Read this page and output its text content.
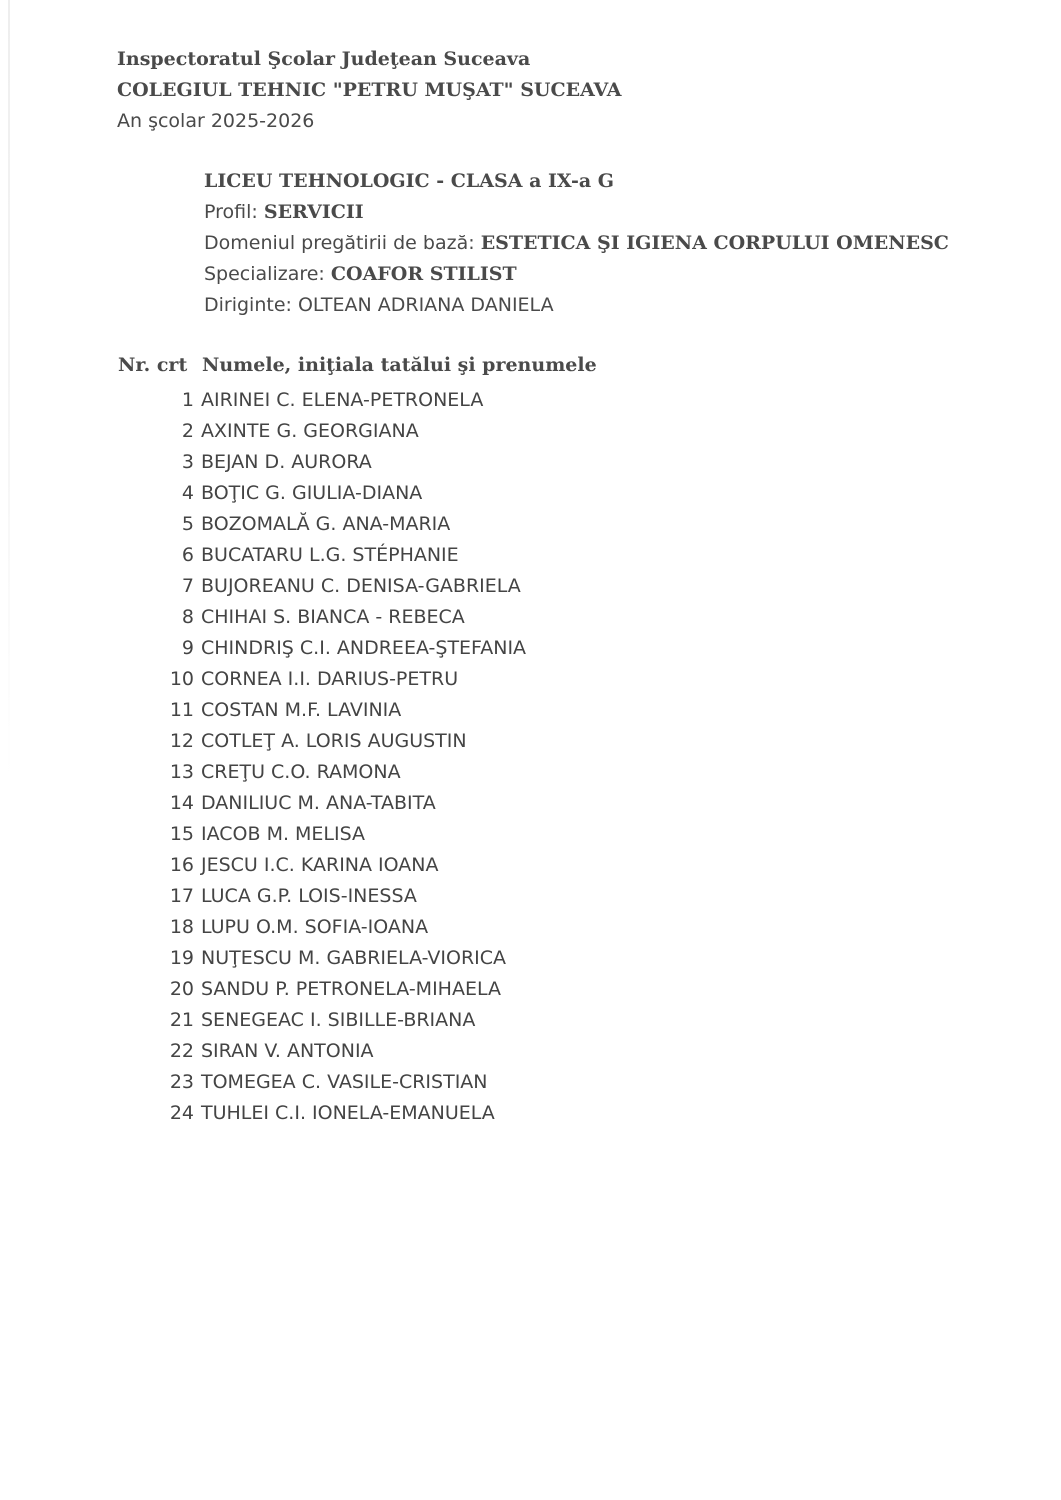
Inspectoratul Şcolar Judeţean Suceava
COLEGIUL TEHNIC "PETRU MUŞAT" SUCEAVA
An şcolar 2025-2026
LICEU TEHNOLOGIC - CLASA a IX-a G
Profil: SERVICII
Domeniul pregătirii de bază: ESTETICA ŞI IGIENA CORPULUI OMENESC
Specializare: COAFOR STILIST
Diriginte: OLTEAN ADRIANA DANIELA
Nr. crt Numele, iniţiala tatălui şi prenumele
1 AIRINEI C. ELENA-PETRONELA
2 AXINTE G. GEORGIANA
3 BEJAN D. AURORA
4 BOŢIC G. GIULIA-DIANA
5 BOZOMALĂ G. ANA-MARIA
6 BUCATARU L.G. STÉPHANIE
7 BUJOREANU C. DENISA-GABRIELA
8 CHIHAI S. BIANCA - REBECA
9 CHINDRIŞ C.I. ANDREEA-ŞTEFANIA
10 CORNEA I.I. DARIUS-PETRU
11 COSTAN M.F. LAVINIA
12 COTLEŢ A. LORIS AUGUSTIN
13 CREŢU C.O. RAMONA
14 DANILIUC M. ANA-TABITA
15 IACOB M. MELISA
16 JESCU I.C. KARINA IOANA
17 LUCA G.P. LOIS-INESSA
18 LUPU O.M. SOFIA-IOANA
19 NUŢESCU M. GABRIELA-VIORICA
20 SANDU P. PETRONELA-MIHAELA
21 SENEGEAC I. SIBILLE-BRIANA
22 SIRAN V. ANTONIA
23 TOMEGEA C. VASILE-CRISTIAN
24 TUHLEI C.I. IONELA-EMANUELA
